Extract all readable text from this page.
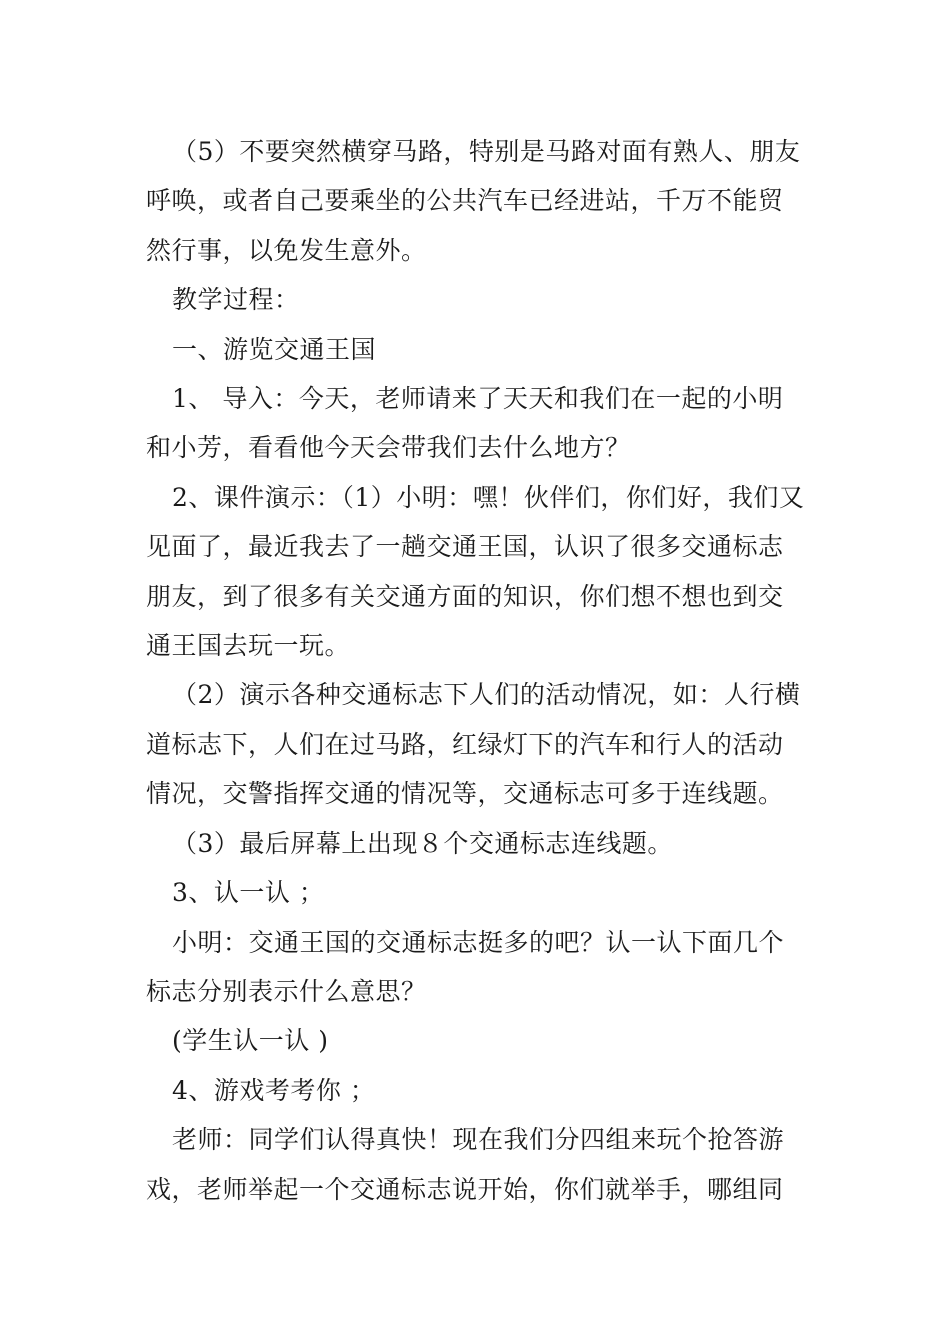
（5）不要突然横穿马路，特别是马路对面有熟人、朋友呼唤，或者自己要乘坐的公共汽车已经进站，千万不能贸然行事，以免发生意外。

教学过程：

一、游览交通王国

1、 导入：今天，老师请来了天天和我们在一起的小明和小芳，看看他今天会带我们去什么地方？

2、课件演示：（1）小明：嘿！伙伴们，你们好，我们又见面了，最近我去了一趟交通王国，认识了很多交通标志朋友，到了很多有关交通方面的知识，你们想不想也到交通王国去玩一玩。

（2）演示各种交通标志下人们的活动情况，如：人行横道标志下，人们在过马路，红绿灯下的汽车和行人的活动情况，交警指挥交通的情况等，交通标志可多于连线题。

（3）最后屏幕上出现８个交通标志连线题。

3、认一认 ；

小明：交通王国的交通标志挺多的吧？认一认下面几个标志分别表示什么意思？

(学生认一认 )

4、游戏考考你 ；

老师：同学们认得真快！现在我们分四组来玩个抢答游戏，老师举起一个交通标志说开始，你们就举手，哪组同
